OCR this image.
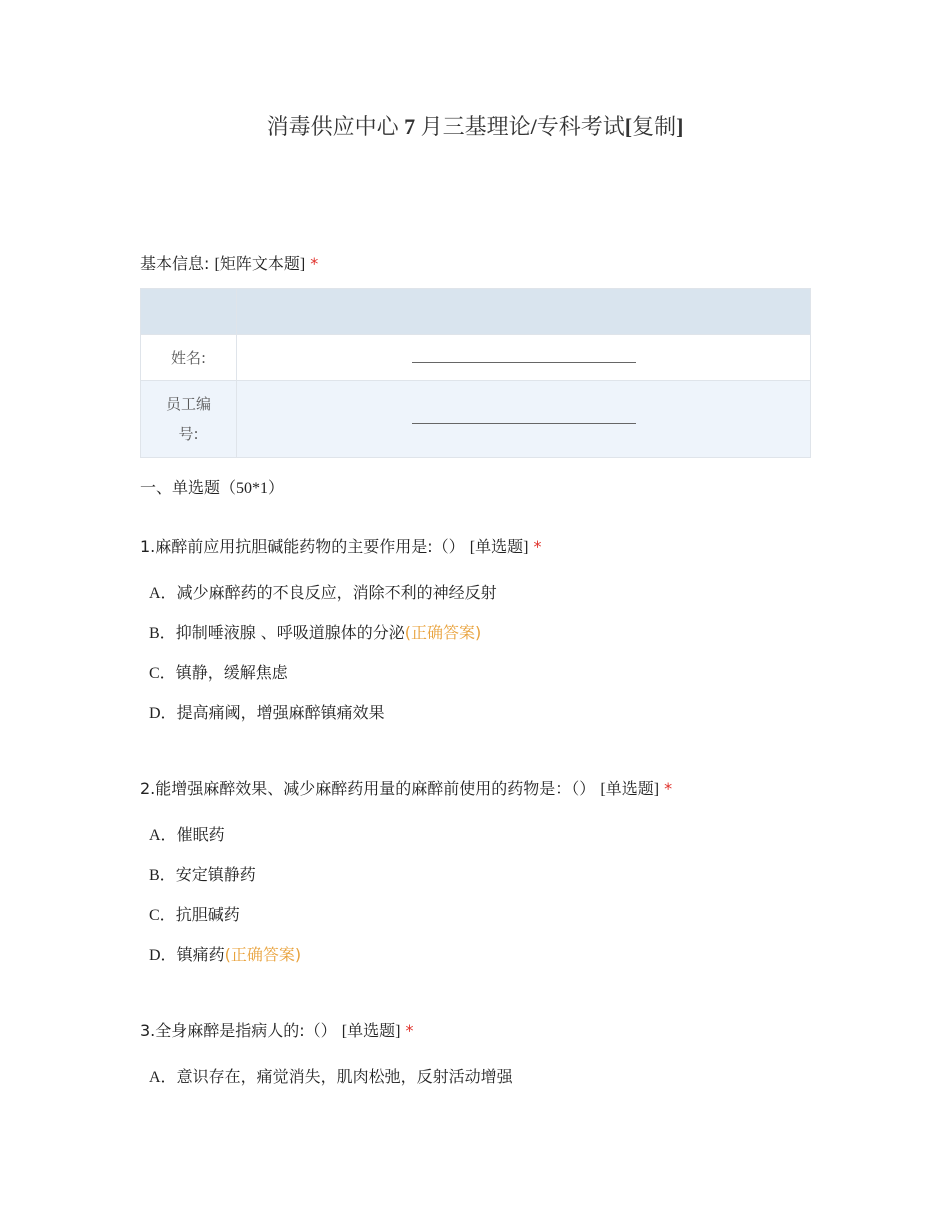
消毒供应中心 7 月三基理论/专科考试[复制]
基本信息: [矩阵文本题] *

姓名:	
员工编
号:	
一、单选题（50*1）
1.麻醉前应用抗胆碱能药物的主要作用是:（） [单选题] *
A．减少麻醉药的不良反应，消除不利的神经反射
B．抑制唾液腺 、呼吸道腺体的分泌(正确答案)
C．镇静，缓解焦虑
D．提高痛阈，增强麻醉镇痛效果
2.能增强麻醉效果、减少麻醉药用量的麻醉前使用的药物是：（） [单选题] *
A．催眠药
B．安定镇静药
C．抗胆碱药
D．镇痛药(正确答案)
3.全身麻醉是指病人的:（） [单选题] *
A．意识存在，痛觉消失，肌肉松弛，反射活动增强
